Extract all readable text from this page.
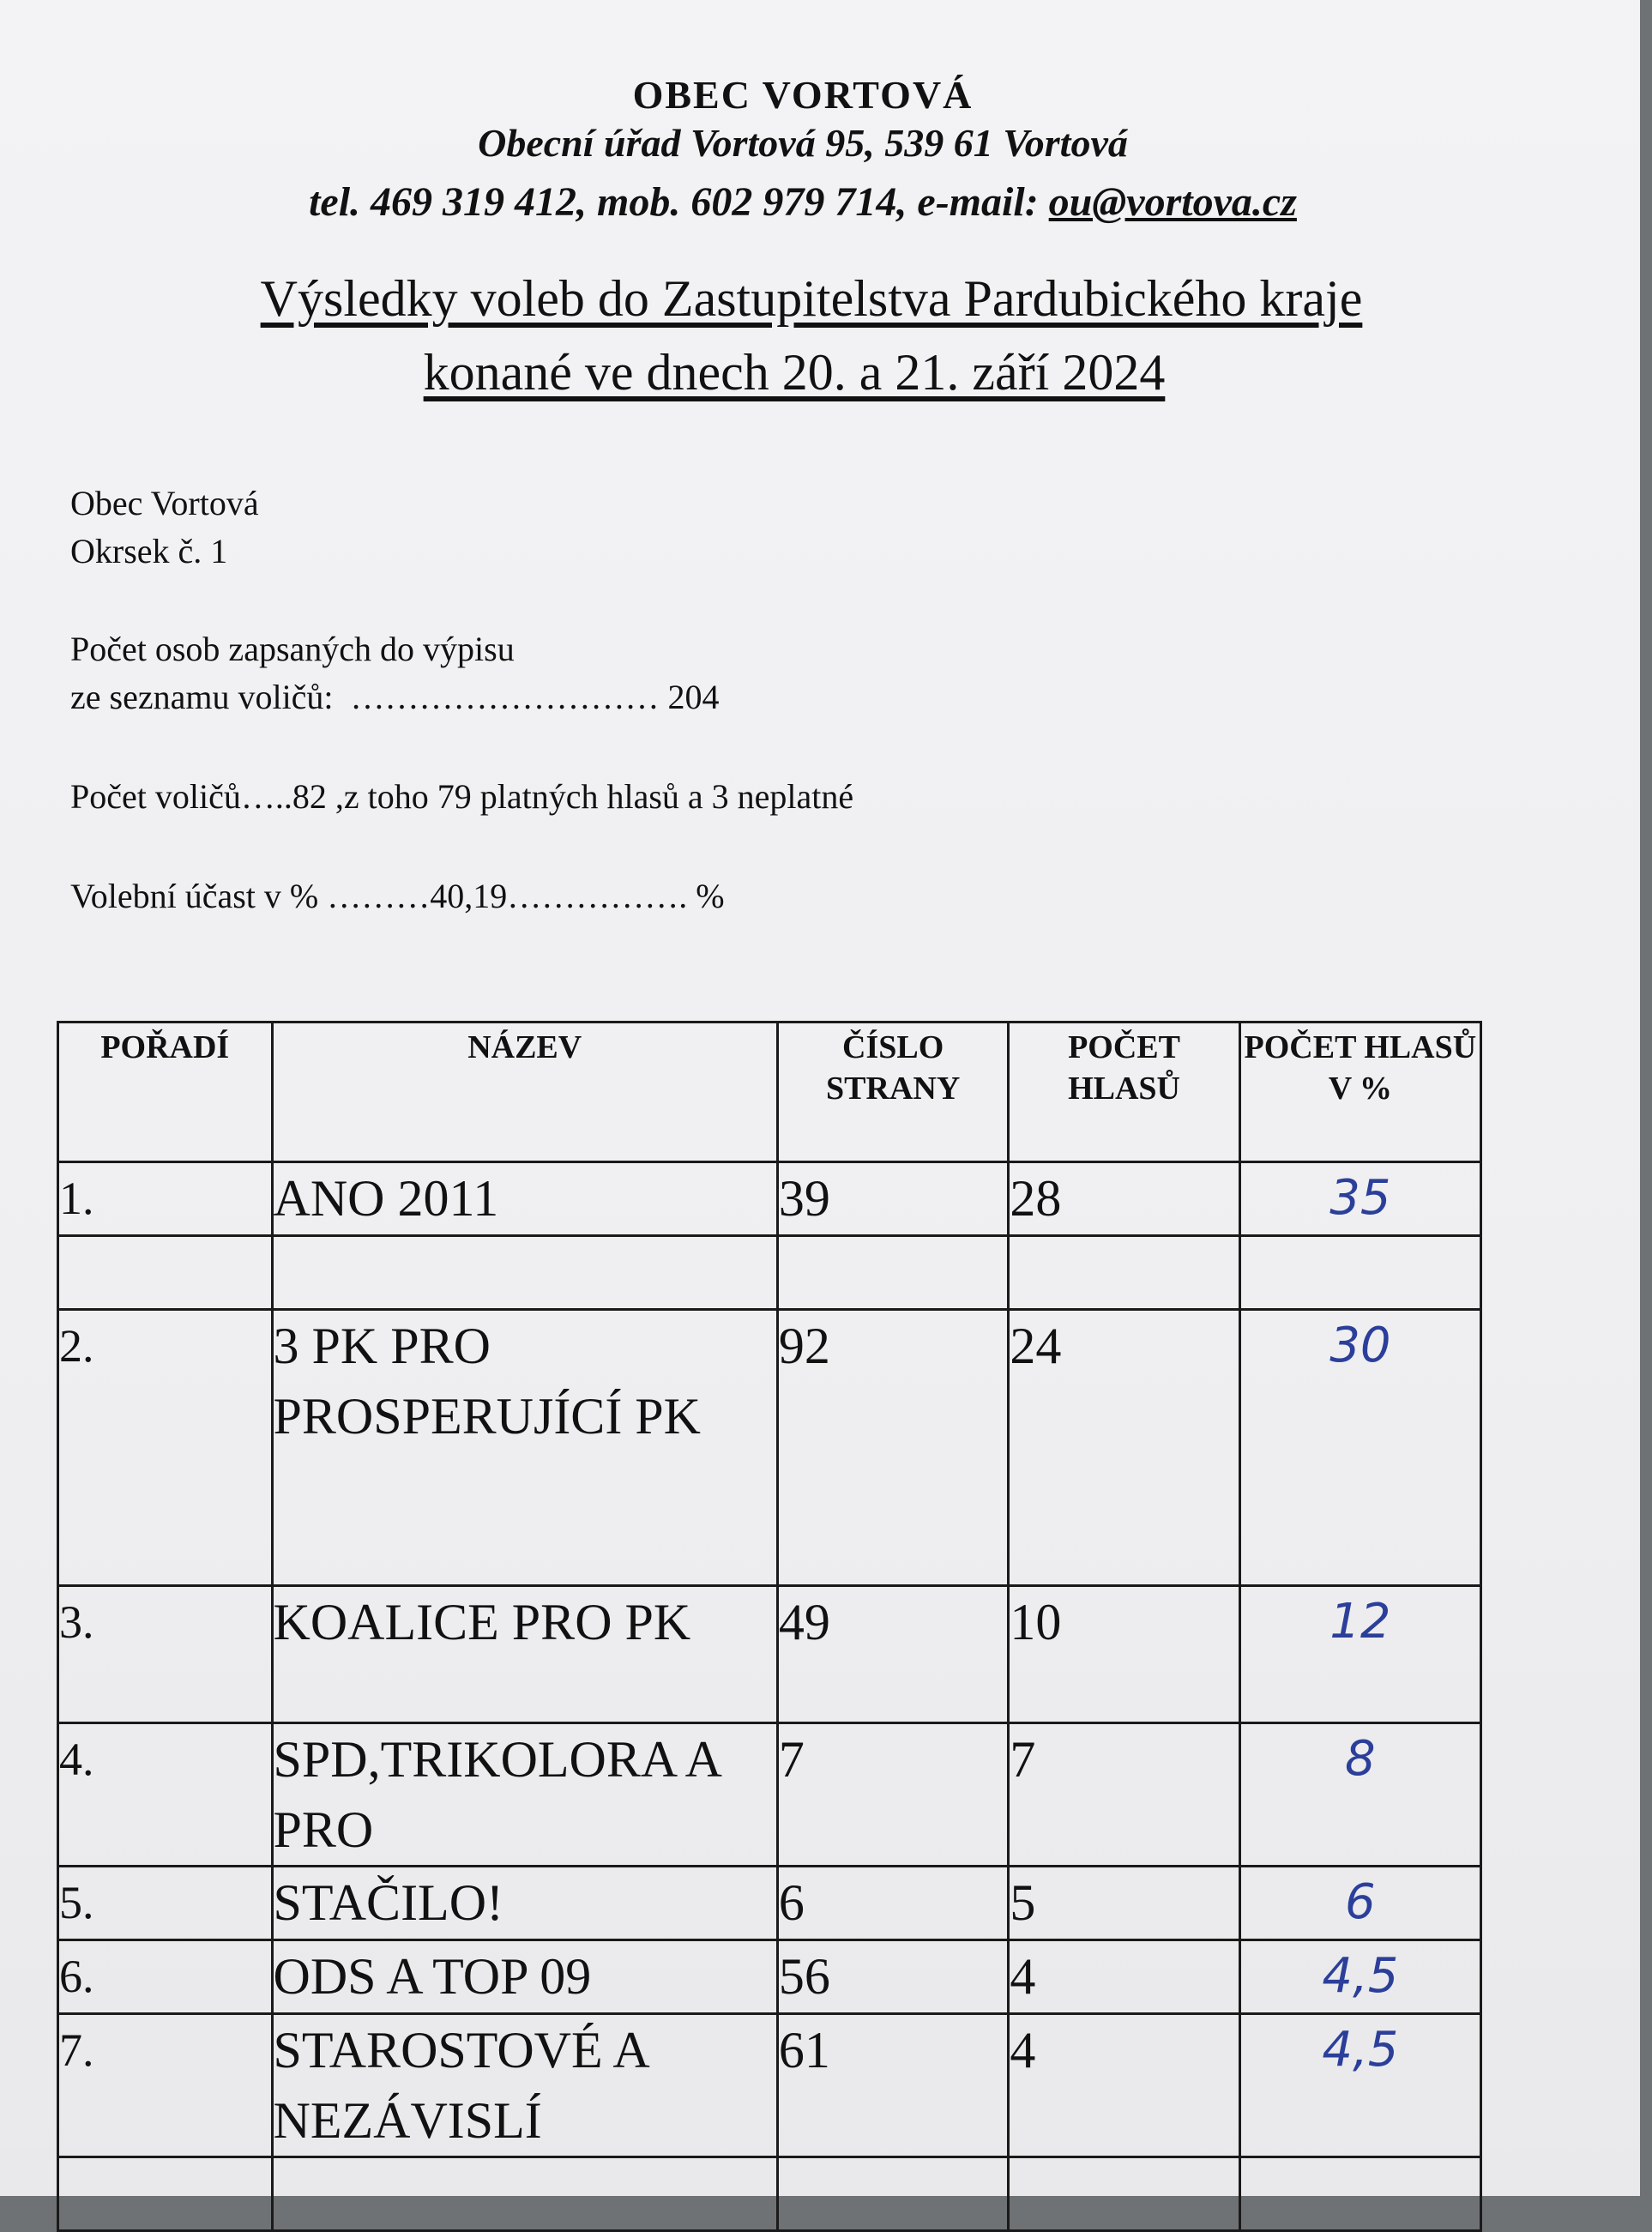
OBEC VORTOVÁ
Obecní úřad Vortová 95, 539 61 Vortová
tel. 469 319 412, mob. 602 979 714, e-mail: ou@vortova.cz
Výsledky voleb do Zastupitelstva Pardubického kraje
konané ve dnech 20. a 21. září 2024
Obec Vortová
Okrsek č. 1
Počet osob zapsaných do výpisu
ze seznamu voličů:  ……………………… 204
Počet voličů…..82 ,z toho 79 platných hlasů a 3 neplatné
Volební účast v % ………40,19……………. %
POŘADÍ	NÁZEV	ČÍSLO STRANY	POČET HLASŮ	POČET HLASŮ V %
1.	ANO 2011	39	28	35

2.	3 PK PRO PROSPERUJÍCÍ PK	92	24	30
3.	KOALICE PRO PK	49	10	12
4.	SPD,TRIKOLORA A PRO	7	7	8
5.	STAČILO!	6	5	6
6.	ODS A TOP 09	56	4	4,5
7.	STAROSTOVÉ A NEZÁVISLÍ	61	4	4,5
